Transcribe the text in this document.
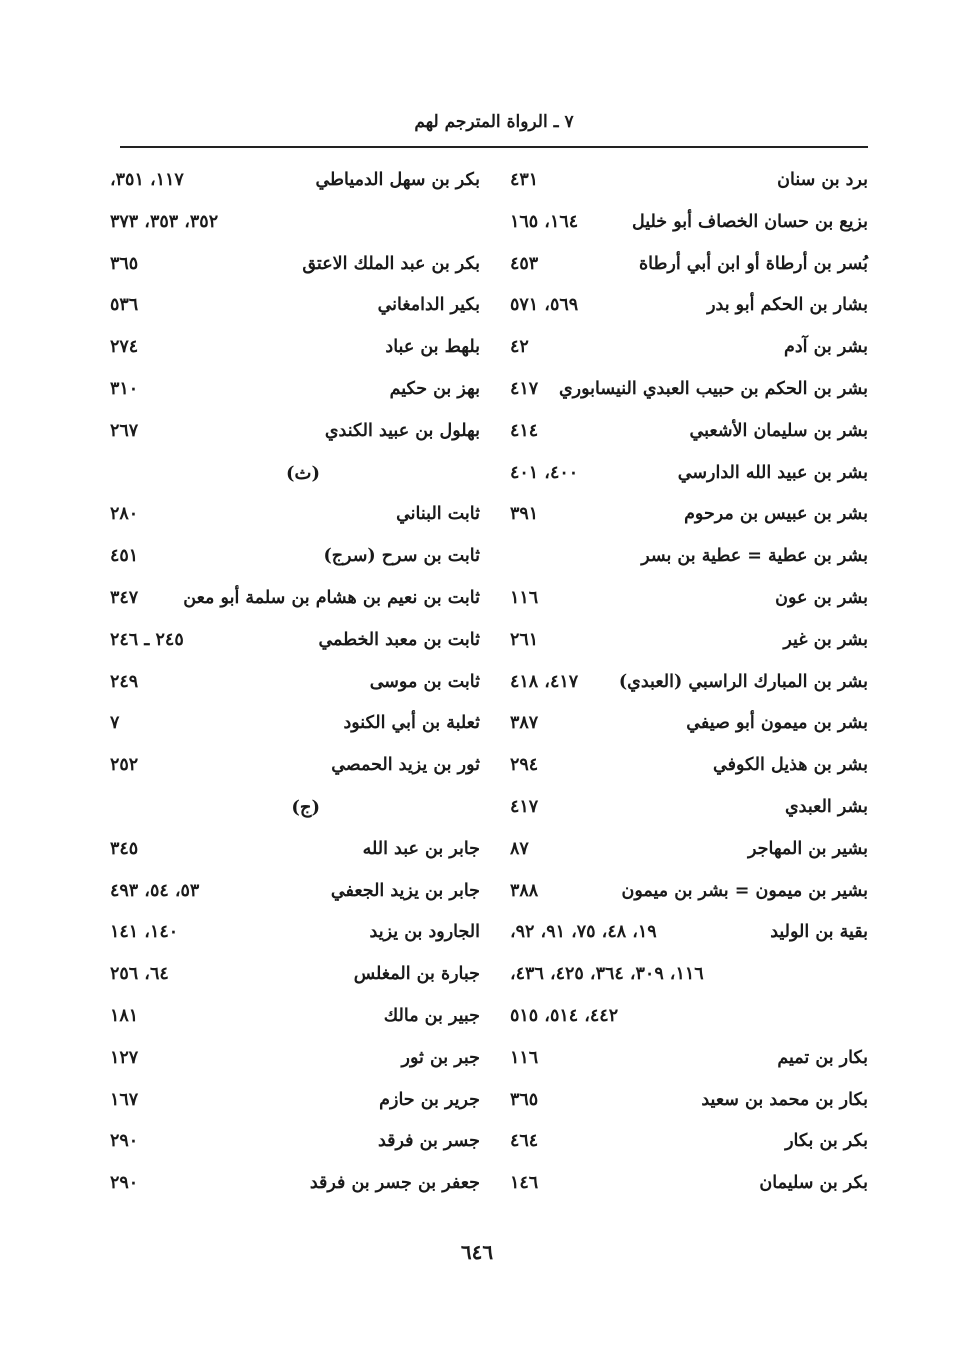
٧ ـ الرواة المترجم لهم
برد بن سنان
٤٣١
بزيع بن حسان الخصاف أبو خليل
١٦٤، ١٦٥
بُسر بن أرطاة أو ابن أبي أرطاة
٤٥٣
بشار بن الحكم أبو بدر
٥٦٩، ٥٧١
بشر بن آدم
٤٢
بشر بن الحكم بن حبيب العبدي النيسابوري
٤١٧
بشر بن سليمان الأشعبي
٤١٤
بشر بن عبيد الله الدارسي
٤٠٠، ٤٠١
بشر بن عبيس بن مرحوم
٣٩١
بشر بن عطية = عطية بن بسر
بشر بن عون
١١٦
بشر بن غير
٢٦١
بشر بن المبارك الراسبي (العبدي)
٤١٧، ٤١٨
بشر بن ميمون أبو صيفي
٣٨٧
بشر بن هذيل الكوفي
٢٩٤
بشر العبدي
٤١٧
بشير بن المهاجر
٨٧
بشير بن ميمون = بشر بن ميمون
٣٨٨
بقية بن الوليد
١٩، ٤٨، ٧٥، ٩١، ٩٢،
١١٦، ٣٠٩، ٣٦٤، ٤٢٥، ٤٣٦،
٤٤٢، ٥١٤، ٥١٥
بكار بن تميم
١١٦
بكار بن محمد بن سعيد
٣٦٥
بكر بن بكار
٤٦٤
بكر بن سليمان
١٤٦
بكر بن سهل الدمياطي
١١٧، ٣٥١،
٣٥٢، ٣٥٣، ٣٧٣
بكر بن عبد الملك الاعتق
٣٦٥
بكير الدامغاني
٥٣٦
بلهط بن عباد
٢٧٤
بهز بن حكيم
٣١٠
بهلول بن عبيد الكندي
٢٦٧
(ث)
ثابت البناني
٢٨٠
ثابت بن سرح (سرج)
٤٥١
ثابت بن نعيم بن هشام بن سلمة أبو معن
٣٤٧
ثابت بن معبد الخطمي
٢٤٥ ـ ٢٤٦
ثابت بن موسى
٢٤٩
ثعلبة بن أبي الكنود
٧
ثور بن يزيد الحمصي
٢٥٢
(ج)
جابر بن عبد الله
٣٤٥
جابر بن يزيد الجعفي
٥٣، ٥٤، ٤٩٣
الجارود بن يزيد
١٤٠، ١٤١
جبارة بن المغلس
٦٤، ٢٥٦
جبير بن مالك
١٨١
جبر بن ثور
١٢٧
جرير بن حازم
١٦٧
جسر بن فرقد
٢٩٠
جعفر بن جسر بن فرقد
٢٩٠
٦٤٦
